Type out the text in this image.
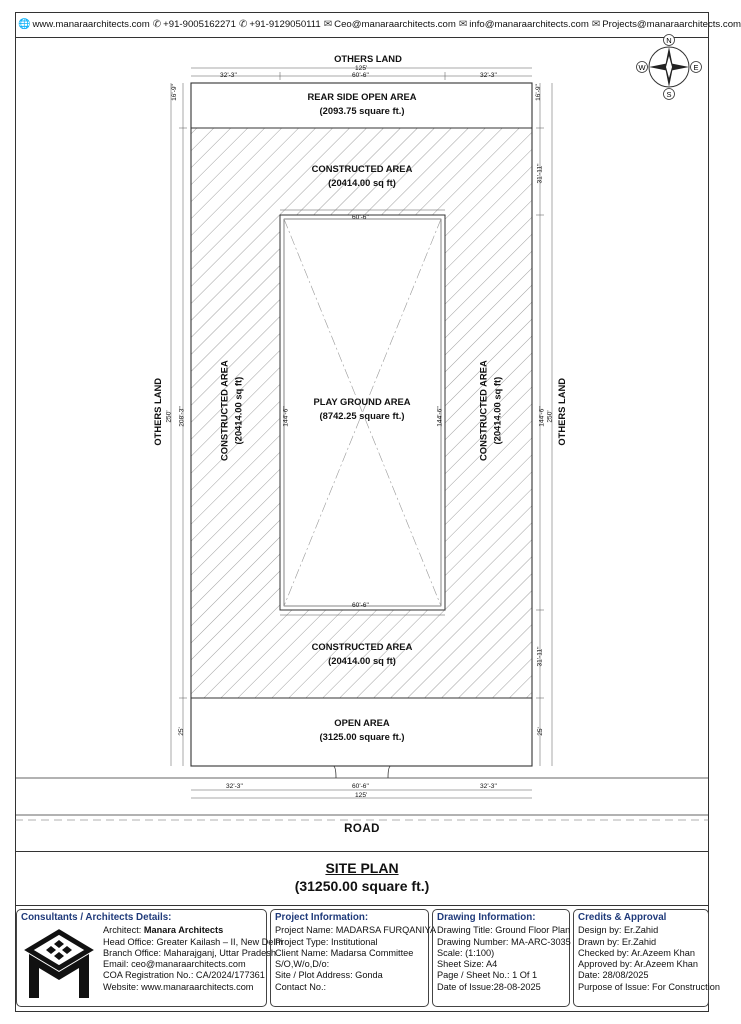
🌐 www.manaraarchitects.com ✆ +91-9005162271 ✆ +91-9129050111 ✉ Ceo@manaraarchitects.com ✉ info@manaraarchitects.com ✉ Projects@manaraarchitects.com
N
S
W	E
OTHERS LAND
125'
32'-3"	60'-6"	32'-3"
REAR SIDE OPEN AREA
(2093.75 square ft.)
CONSTRUCTED AREA
(20414.00 sq ft)
60'-6"
PLAY GROUND AREA
(8742.25 square ft.)
60'-6"
CONSTRUCTED AREA
(20414.00 sq ft)
OPEN AREA
(3125.00 square ft.)
CONSTRUCTED AREA (20414.00 sq ft)	CONSTRUCTED AREA (20414.00 sq ft)
OTHERS LAND	OTHERS LAND
16'-9"	16'-9"
250' 208'-3"	144'-6"	144'-6"	144'-6" 250'
31'-11"
31'-11"
25'	25'
32'-3"	60'-6"	32'-3"
125'
ROAD
SITE PLAN
(31250.00 square ft.)
Consultants / Architects Details:
Architect: Manara Architects
Head Office: Greater Kailash – II, New Delhi
Branch Office: Maharajganj, Uttar Pradesh
Email: ceo@manaraarchitects.com
COA Registration No.: CA/2024/177361
Website: www.manaraarchitects.com
Project Information:
Project Name: MADARSA FURQANIYA
Project Type: Institutional
Client Name: Madarsa Committee
S/O,W/o,D/o:
Site / Plot Address: Gonda
Contact No.:
Drawing Information:
Drawing Title: Ground Floor Plan
Drawing Number: MA-ARC-3035
Scale: (1:100)
Sheet Size: A4
Page / Sheet No.: 1 Of 1
Date of Issue:28-08-2025
Credits & Approval
Design by: Er.Zahid
Drawn by: Er.Zahid
Checked by: Ar.Azeem Khan
Approved by: Ar.Azeem Khan
Date: 28/08/2025
Purpose of Issue: For Construction
